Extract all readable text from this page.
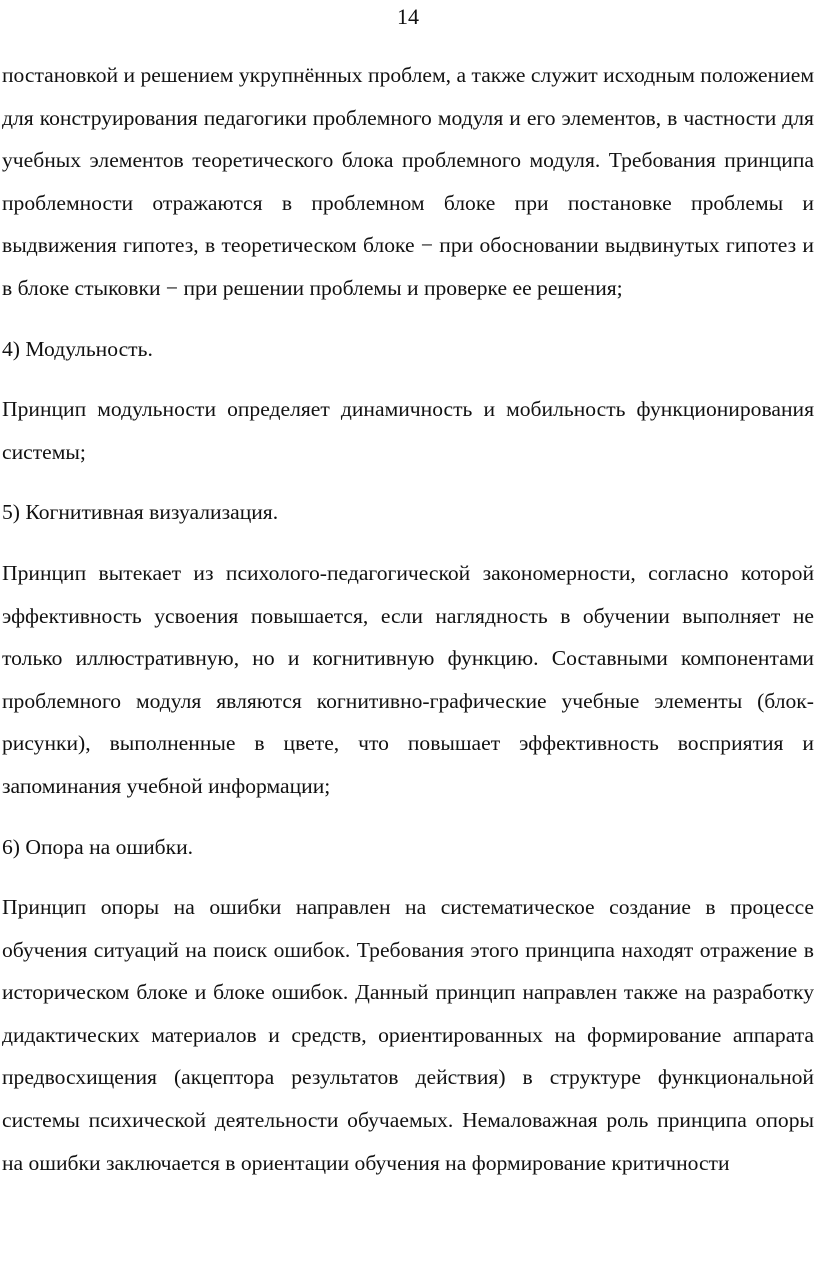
14

постановкой и решением укрупнённых проблем, а также служит исходным положением для конструирования педагогики проблемного модуля и его элементов, в частности для учебных элементов теоретического блока проблемного модуля. Требования принципа проблемности отражаются в проблемном блоке при постановке проблемы и выдвижения гипотез, в теоретическом блоке − при обосновании выдвинутых гипотез и в блоке стыковки − при решении проблемы и проверке ее решения;

4) Модульность.

Принцип модульности определяет динамичность и мобильность функционирования системы;

5) Когнитивная визуализация.

Принцип вытекает из психолого-педагогической закономерности, согласно которой эффективность усвоения повышается, если наглядность в обучении выполняет не только иллюстративную, но и когнитивную функцию. Составными компонентами проблемного модуля являются когнитивно-графические учебные элементы (блок-рисунки), выполненные в цвете, что повышает эффективность восприятия и запоминания учебной информации;

6) Опора на ошибки.

Принцип опоры на ошибки направлен на систематическое создание в процессе обучения ситуаций на поиск ошибок. Требования этого принципа находят отражение в историческом блоке и блоке ошибок. Данный принцип направлен также на разработку дидактических материалов и средств, ориентированных на формирование аппарата предвосхищения (акцептора результатов действия) в структуре функциональной системы психической деятельности обучаемых. Немаловажная роль принципа опоры на ошибки заключается в ориентации обучения на формирование критичности
